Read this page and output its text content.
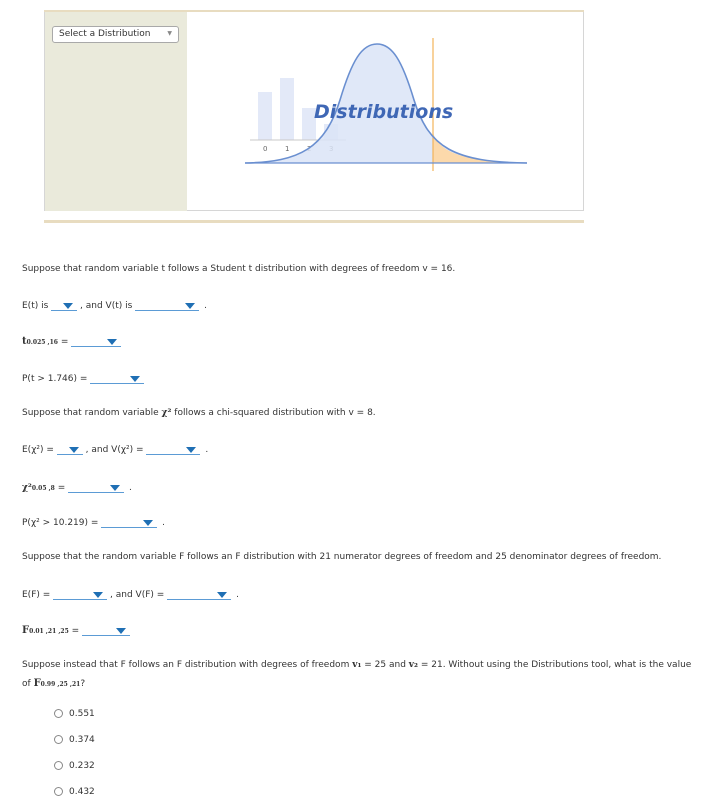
Select a Distribution	▼
0	1
Distributions
Suppose that random variable t follows a Student t distribution with degrees of freedom v = 16.
E(t) is	, and V(t) is	.
t0.025 ,16 =
P(t > 1.746) =
Suppose that random variable χ² follows a chi-squared distribution with v = 8.
E(χ²) =	, and V(χ²) =	.
χ²0.05 ,8 =	.
P(χ² > 10.219) =	.
Suppose that the random variable F follows an F distribution with 21 numerator degrees of freedom and 25 denominator degrees of freedom.
E(F) =	, and V(F) =	.
F0.01 ,21 ,25 =
Suppose instead that F follows an F distribution with degrees of freedom v₁ = 25 and v₂ = 21. Without using the Distributions tool, what is the value
of F0.99 ,25 ,21?
0.551
0.374
0.232
0.432
